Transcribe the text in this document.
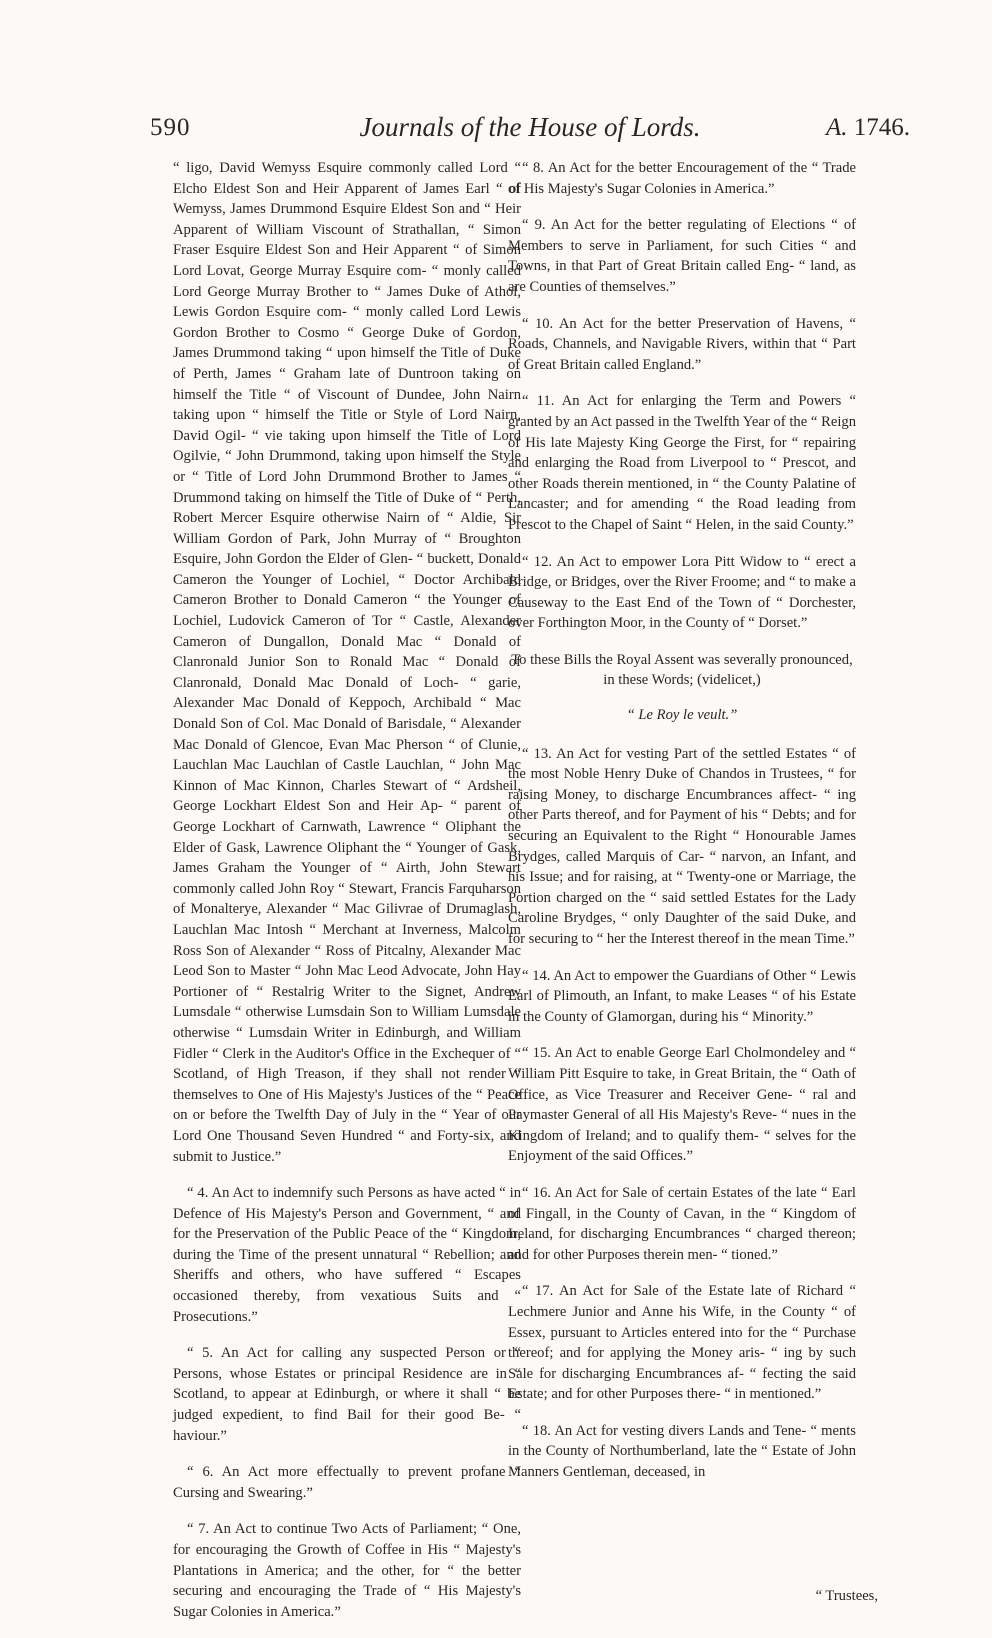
590	Journals of the House of Lords.	A. 1746.

“ ligo, David Wemyss Esquire commonly called Lord “ Elcho Eldest Son and Heir Apparent of James Earl “ of Wemyss, James Drummond Esquire Eldest Son and “ Heir Apparent of William Viscount of Strathallan, “ Simon Fraser Esquire Eldest Son and Heir Apparent “ of Simon Lord Lovat, George Murray Esquire com- “ monly called Lord George Murray Brother to “ James Duke of Athol, Lewis Gordon Esquire com- “ monly called Lord Lewis Gordon Brother to Cosmo “ George Duke of Gordon, James Drummond taking “ upon himself the Title of Duke of Perth, James “ Graham late of Duntroon taking on himself the Title “ of Viscount of Dundee, John Nairn taking upon “ himself the Title or Style of Lord Nairn, David Ogil- “ vie taking upon himself the Title of Lord Ogilvie, “ John Drummond, taking upon himself the Style or “ Title of Lord John Drummond Brother to James “ Drummond taking on himself the Title of Duke of “ Perth, Robert Mercer Esquire otherwise Nairn of “ Aldie, Sir William Gordon of Park, John Murray of “ Broughton Esquire, John Gordon the Elder of Glen- “ buckett, Donald Cameron the Younger of Lochiel, “ Doctor Archibald Cameron Brother to Donald Cameron “ the Younger of Lochiel, Ludovick Cameron of Tor “ Castle, Alexander Cameron of Dungallon, Donald Mac “ Donald of Clanronald Junior Son to Ronald Mac “ Donald of Clanronald, Donald Mac Donald of Loch- “ garie, Alexander Mac Donald of Keppoch, Archibald “ Mac Donald Son of Col. Mac Donald of Barisdale, “ Alexander Mac Donald of Glencoe, Evan Mac Pherson “ of Clunie, Lauchlan Mac Lauchlan of Castle Lauchlan, “ John Mac Kinnon of Mac Kinnon, Charles Stewart of “ Ardsheil, George Lockhart Eldest Son and Heir Ap- “ parent of George Lockhart of Carnwath, Lawrence “ Oliphant the Elder of Gask, Lawrence Oliphant the “ Younger of Gask, James Graham the Younger of “ Airth, John Stewart commonly called John Roy “ Stewart, Francis Farquharson of Monalterye, Alexander “ Mac Gilivrae of Drumaglash, Lauchlan Mac Intosh “ Merchant at Inverness, Malcolm Ross Son of Alexander “ Ross of Pitcalny, Alexander Mac Leod Son to Master “ John Mac Leod Advocate, John Hay Portioner of “ Restalrig Writer to the Signet, Andrew Lumsdale “ otherwise Lumsdain Son to William Lumsdale otherwise “ Lumsdain Writer in Edinburgh, and William Fidler “ Clerk in the Auditor's Office in the Exchequer of “ Scotland, of High Treason, if they shall not render “ themselves to One of His Majesty's Justices of the “ Peace on or before the Twelfth Day of July in the “ Year of our Lord One Thousand Seven Hundred “ and Forty-six, and submit to Justice.”

“ 4. An Act to indemnify such Persons as have acted “ in Defence of His Majesty's Person and Government, “ and for the Preservation of the Public Peace of the “ Kingdom, during the Time of the present unnatural “ Rebellion; and Sheriffs and others, who have suffered “ Escapes occasioned thereby, from vexatious Suits and “ Prosecutions.”

“ 5. An Act for calling any suspected Person or “ Persons, whose Estates or principal Residence are in “ Scotland, to appear at Edinburgh, or where it shall “ be judged expedient, to find Bail for their good Be- “ haviour.”

“ 6. An Act more effectually to prevent profane “ Cursing and Swearing.”

“ 7. An Act to continue Two Acts of Parliament; “ One, for encouraging the Growth of Coffee in His “ Majesty's Plantations in America; and the other, for “ the better securing and encouraging the Trade of “ His Majesty's Sugar Colonies in America.”

“ 8. An Act for the better Encouragement of the “ Trade of His Majesty's Sugar Colonies in America.”

“ 9. An Act for the better regulating of Elections “ of Members to serve in Parliament, for such Cities “ and Towns, in that Part of Great Britain called Eng- “ land, as are Counties of themselves.”

“ 10. An Act for the better Preservation of Havens, “ Roads, Channels, and Navigable Rivers, within that “ Part of Great Britain called England.”

“ 11. An Act for enlarging the Term and Powers “ granted by an Act passed in the Twelfth Year of the “ Reign of His late Majesty King George the First, for “ repairing and enlarging the Road from Liverpool to “ Prescot, and other Roads therein mentioned, in “ the County Palatine of Lancaster; and for amending “ the Road leading from Prescot to the Chapel of Saint “ Helen, in the said County.”

“ 12. An Act to empower Lora Pitt Widow to “ erect a Bridge, or Bridges, over the River Froome; and “ to make a Causeway to the East End of the Town of “ Dorchester, over Forthington Moor, in the County of “ Dorset.”

To these Bills the Royal Assent was severally pronounced, in these Words; (videlicet,)

“ Le Roy le veult.”

“ 13. An Act for vesting Part of the settled Estates “ of the most Noble Henry Duke of Chandos in Trustees, “ for raising Money, to discharge Encumbrances affect- “ ing other Parts thereof, and for Payment of his “ Debts; and for securing an Equivalent to the Right “ Honourable James Brydges, called Marquis of Car- “ narvon, an Infant, and his Issue; and for raising, at “ Twenty-one or Marriage, the Portion charged on the “ said settled Estates for the Lady Caroline Brydges, “ only Daughter of the said Duke, and for securing to “ her the Interest thereof in the mean Time.”

“ 14. An Act to empower the Guardians of Other “ Lewis Earl of Plimouth, an Infant, to make Leases “ of his Estate in the County of Glamorgan, during his “ Minority.”

“ 15. An Act to enable George Earl Cholmondeley and “ William Pitt Esquire to take, in Great Britain, the “ Oath of Office, as Vice Treasurer and Receiver Gene- “ ral and Paymaster General of all His Majesty's Reve- “ nues in the Kingdom of Ireland; and to qualify them- “ selves for the Enjoyment of the said Offices.”

“ 16. An Act for Sale of certain Estates of the late “ Earl of Fingall, in the County of Cavan, in the “ Kingdom of Ireland, for discharging Encumbrances “ charged thereon; and for other Purposes therein men- “ tioned.”

“ 17. An Act for Sale of the Estate late of Richard “ Lechmere Junior and Anne his Wife, in the County “ of Essex, pursuant to Articles entered into for the “ Purchase thereof; and for applying the Money aris- “ ing by such Sale for discharging Encumbrances af- “ fecting the said Estate; and for other Purposes there- “ in mentioned.”

“ 18. An Act for vesting divers Lands and Tene- “ ments in the County of Northumberland, late the “ Estate of John Manners Gentleman, deceased, in

“ Trustees,
